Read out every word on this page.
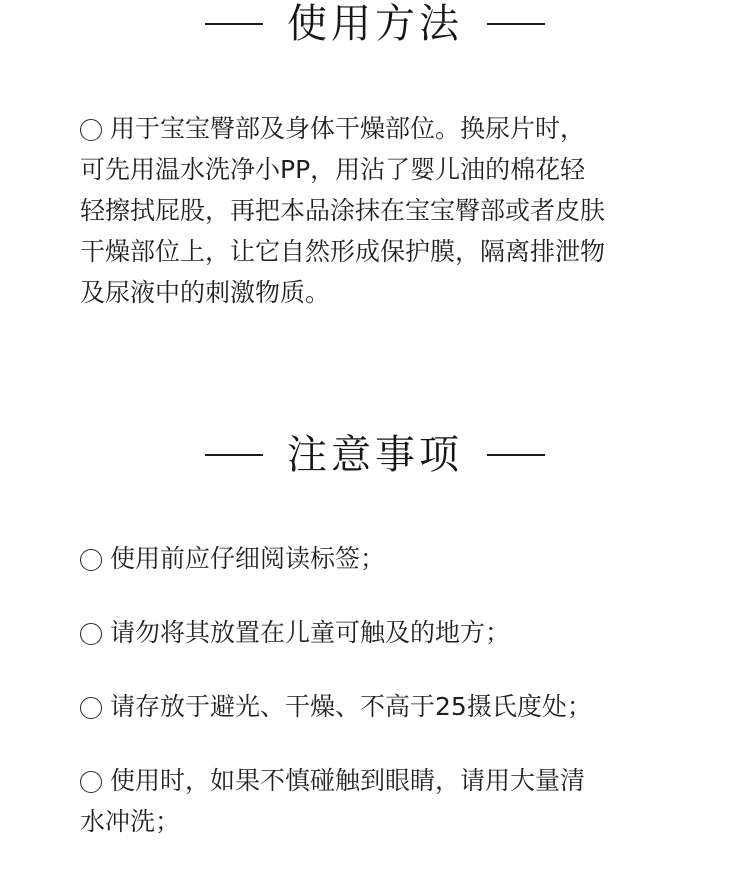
使用方法
用于宝宝臀部及身体干燥部位。换尿片时，
可先用温水洗净小PP，用沾了婴儿油的棉花轻
轻擦拭屁股，再把本品涂抹在宝宝臀部或者皮肤
干燥部位上，让它自然形成保护膜，隔离排泄物
及尿液中的刺激物质。
注意事项
使用前应仔细阅读标签；
请勿将其放置在儿童可触及的地方；
请存放于避光、干燥、不高于25摄氏度处；
使用时，如果不慎碰触到眼睛，请用大量清
水冲洗；
